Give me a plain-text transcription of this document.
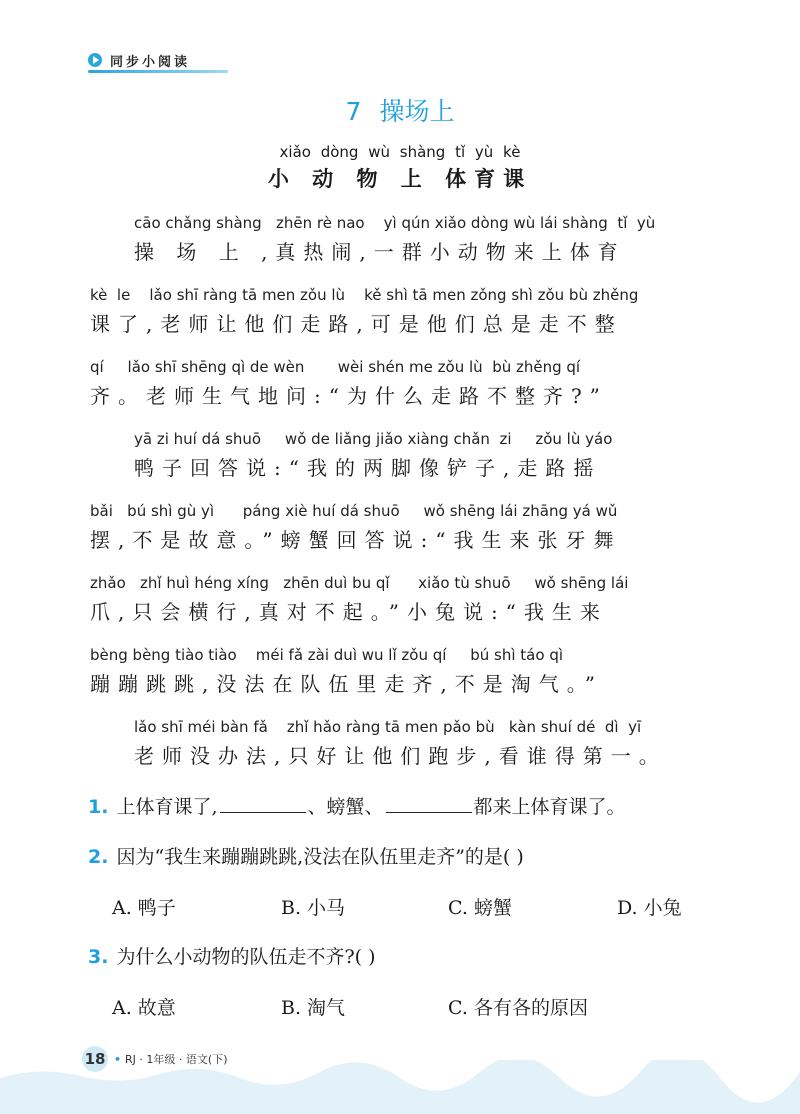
同步小阅读
7 操场上
xiǎo dòng wù shàng tǐ yù kè
小 动 物 上 体育课
cāo chǎng shàng   zhēn rè nao    yì qún xiǎo dòng wù lái shàng  tǐ  yù
操 场 上 ,真热闹,一群小动物来上体育
kè  le    lǎo shī ràng tā men zǒu lù    kě shì tā men zǒng shì zǒu bù zhěng
课了,老师让他们走路,可是他们总是走不整
qí     lǎo shī shēng qì de wèn       wèi shén me zǒu lù  bù zhěng qí
齐。老师生气地问:“为什么走路不整齐?”
yā zi huí dá shuō     wǒ de liǎng jiǎo xiàng chǎn  zi     zǒu lù yáo
鸭子回答说:“我的两脚像铲子,走路摇
bǎi   bú shì gù yì      páng xiè huí dá shuō     wǒ shēng lái zhāng yá wǔ
摆,不是故意。”螃蟹回答说:“我生来张牙舞
zhǎo   zhǐ huì héng xíng   zhēn duì bu qǐ      xiǎo tù shuō     wǒ shēng lái
爪,只会横行,真对不起。”小兔说:“我生来
bèng bèng tiào tiào    méi fǎ zài duì wu lǐ zǒu qí     bú shì táo qì
蹦蹦跳跳,没法在队伍里走齐,不是淘气。”
lǎo shī méi bàn fǎ    zhǐ hǎo ràng tā men pǎo bù   kàn shuí dé  dì  yī
老师没办法,只好让他们跑步,看谁得第一。
1. 上体育课了,	、螃蟹、	都来上体育课了。
2. 因为“我生来蹦蹦跳跳,没法在队伍里走齐”的是( )
A. 鸭子	B. 小马	C. 螃蟹	D. 小兔
3. 为什么小动物的队伍走不齐?( )
A. 故意	B. 淘气	C. 各有各的原因
18 • RJ · 1年级 · 语文(下)
